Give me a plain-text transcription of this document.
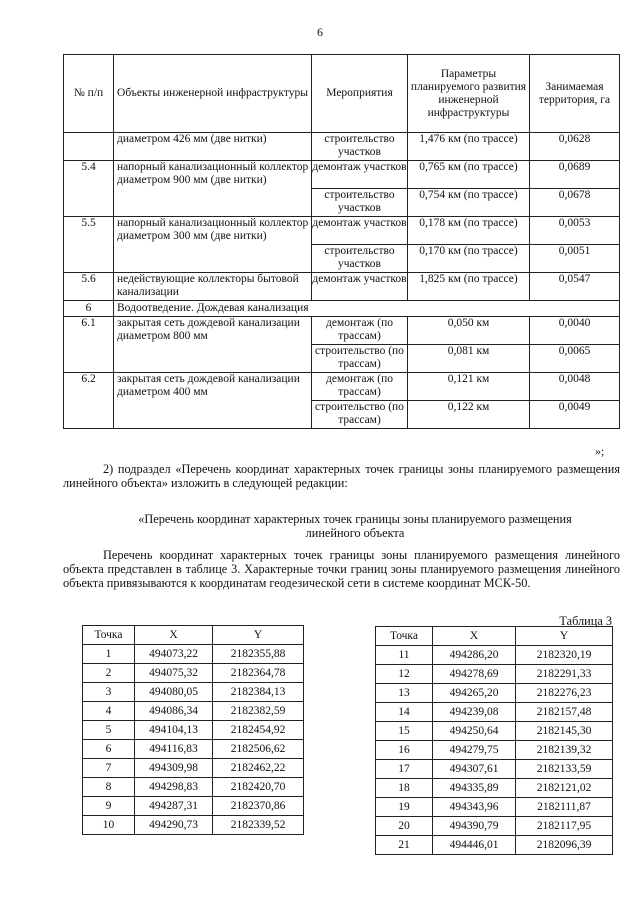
6
№ п/п	Объекты инженерной инфраструктуры	Мероприятия	Параметры планируемого развития инженерной инфраструктуры	Занимаемая территория, га
	диаметром 426 мм (две нитки)	строительство участков	1,476 км (по трассе)	0,0628
5.4	напорный канализационный коллектор диаметром 900 мм (две нитки)	демонтаж участков	0,765 км (по трассе)	0,0689
		строительство участков	0,754 км (по трассе)	0,0678
5.5	напорный канализационный коллектор диаметром 300 мм (две нитки)	демонтаж участков	0,178 км (по трассе)	0,0053
		строительство участков	0,170 км (по трассе)	0,0051
5.6	недействующие коллекторы бытовой канализации	демонтаж участков	1,825 км (по трассе)	0,0547
6	Водоотведение. Дождевая канализация			
6.1	закрытая сеть дождевой канализации диаметром 800 мм	демонтаж (по трассам)	0,050 км	0,0040
		строительство (по трассам)	0,081 км	0,0065
6.2	закрытая сеть дождевой канализации диаметром 400 мм	демонтаж (по трассам)	0,121 км	0,0048
		строительство (по трассам)	0,122 км	0,0049
»;

2) подраздел «Перечень координат характерных точек границы зоны планируемого размещения линейного объекта» изложить в следующей редакции:

«Перечень координат характерных точек границы зоны планируемого размещения линейного объекта

Перечень координат характерных точек границы зоны планируемого размещения линейного объекта представлен в таблице 3. Характерные точки границ зоны планируемого размещения линейного объекта привязываются к координатам геодезической сети в системе координат МСК-50.

Таблица 3
Точка	X	Y
1	494073,22	2182355,88
2	494075,32	2182364,78
3	494080,05	2182384,13
4	494086,34	2182382,59
5	494104,13	2182454,92
6	494116,83	2182506,62
7	494309,98	2182462,22
8	494298,83	2182420,70
9	494287,31	2182370,86
10	494290,73	2182339,52
Точка	X	Y
11	494286,20	2182320,19
12	494278,69	2182291,33
13	494265,20	2182276,23
14	494239,08	2182157,48
15	494250,64	2182145,30
16	494279,75	2182139,32
17	494307,61	2182133,59
18	494335,89	2182121,02
19	494343,96	2182111,87
20	494390,79	2182117,95
21	494446,01	2182096,39
